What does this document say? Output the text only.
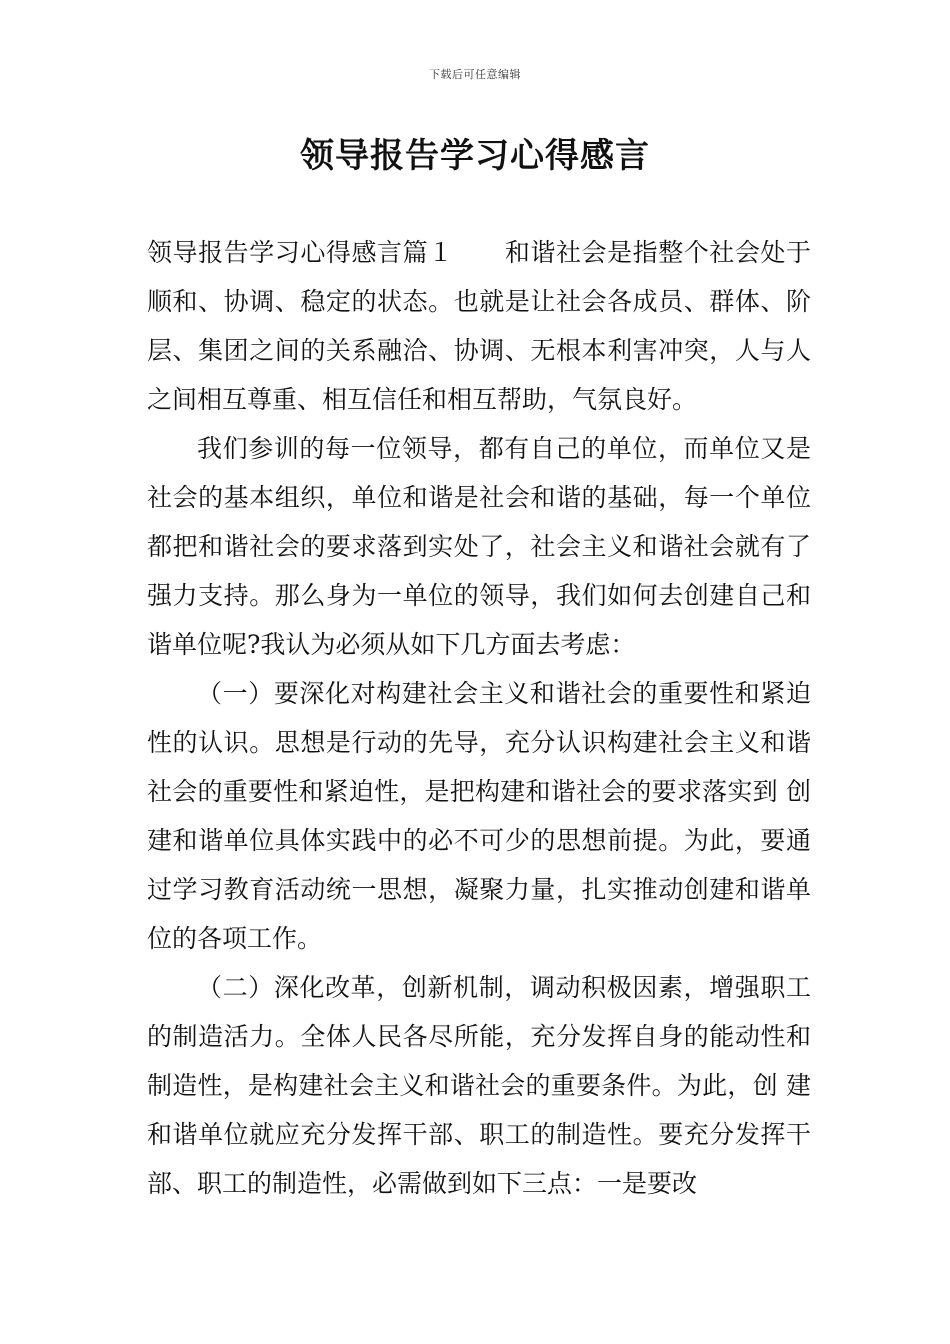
下载后可任意编辑
领导报告学习心得感言

领导报告学习心得感言篇１　　和谐社会是指整个社会处于顺和、协调、稳定的状态。也就是让社会各成员、群体、阶层、集团之间的关系融洽、协调、无根本利害冲突，人与人之间相互尊重、相互信任和相互帮助，气氛良好。

我们参训的每一位领导，都有自己的单位，而单位又是社会的基本组织，单位和谐是社会和谐的基础，每一个单位都把和谐社会的要求落到实处了，社会主义和谐社会就有了强力支持。那么身为一单位的领导，我们如何去创建自己和谐单位呢?我认为必须从如下几方面去考虑：

（一）要深化对构建社会主义和谐社会的重要性和紧迫性的认识。思想是行动的先导，充分认识构建社会主义和谐社会的重要性和紧迫性，是把构建和谐社会的要求落实到 创建和谐单位具体实践中的必不可少的思想前提。为此，要通过学习教育活动统一思想，凝聚力量，扎实推动创建和谐单位的各项工作。

（二）深化改革，创新机制，调动积极因素，增强职工的制造活力。全体人民各尽所能，充分发挥自身的能动性和制造性，是构建社会主义和谐社会的重要条件。为此，创 建和谐单位就应充分发挥干部、职工的制造性。要充分发挥干部、职工的制造性，必需做到如下三点：一是要改
